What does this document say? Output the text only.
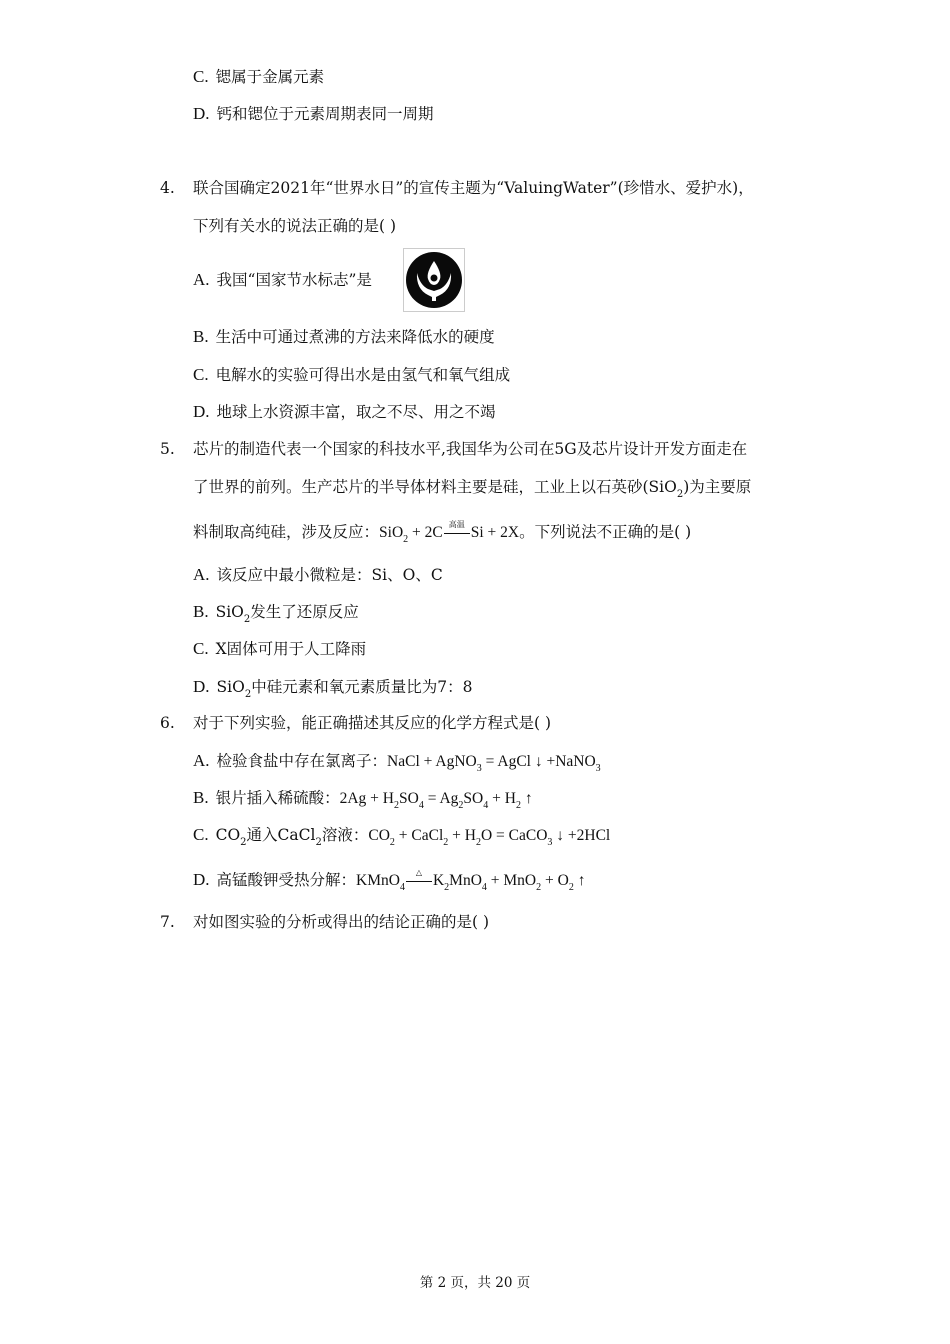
C. 锶属于金属元素
D. 钙和锶位于元素周期表同一周期
4. 联合国确定2021年“世界水日”的宣传主题为“ValuingWater”(珍惜水、爱护水)，
下列有关水的说法正确的是( )
A. 我国“国家节水标志”是
B. 生活中可通过煮沸的方法来降低水的硬度
C. 电解水的实验可得出水是由氢气和氧气组成
D. 地球上水资源丰富，取之不尽、用之不竭
5. 芯片的制造代表一个国家的科技水平,我国华为公司在5G及芯片设计开发方面走在
了世界的前列。生产芯片的半导体材料主要是硅，工业上以石英砂(SiO$_2$)为主要原
料制取高纯硅，涉及反应：SiO$_2$ + 2C 高温 Si + 2X。下列说法不正确的是( )
A. 该反应中最小微粒是：Si、O、C
B. SiO$_2$发生了还原反应
C. X固体可用于人工降雨
D. SiO$_2$中硅元素和氧元素质量比为7：8
6. 对于下列实验，能正确描述其反应的化学方程式是( )
A. 检验食盐中存在氯离子：NaCl + AgNO$_3$ = AgCl ↓ +NaNO$_3$
B. 银片插入稀硫酸：$2Ag + H_2SO_4 = Ag_2SO_4 + H_2$ ↑
C. $CO_2$通入CaCl$_2$溶液：$CO_2$ + CaCl$_2$ + $H_2O$ = CaCO$_3$ ↓ +2HCl
D. 高锰酸钾受热分解：KMnO$_4$
△ $K_2MnO_4 + MnO_2 + O_2$ ↑
7. 对如图实验的分析或得出的结论正确的是( )
第 2 页，共 20 页
